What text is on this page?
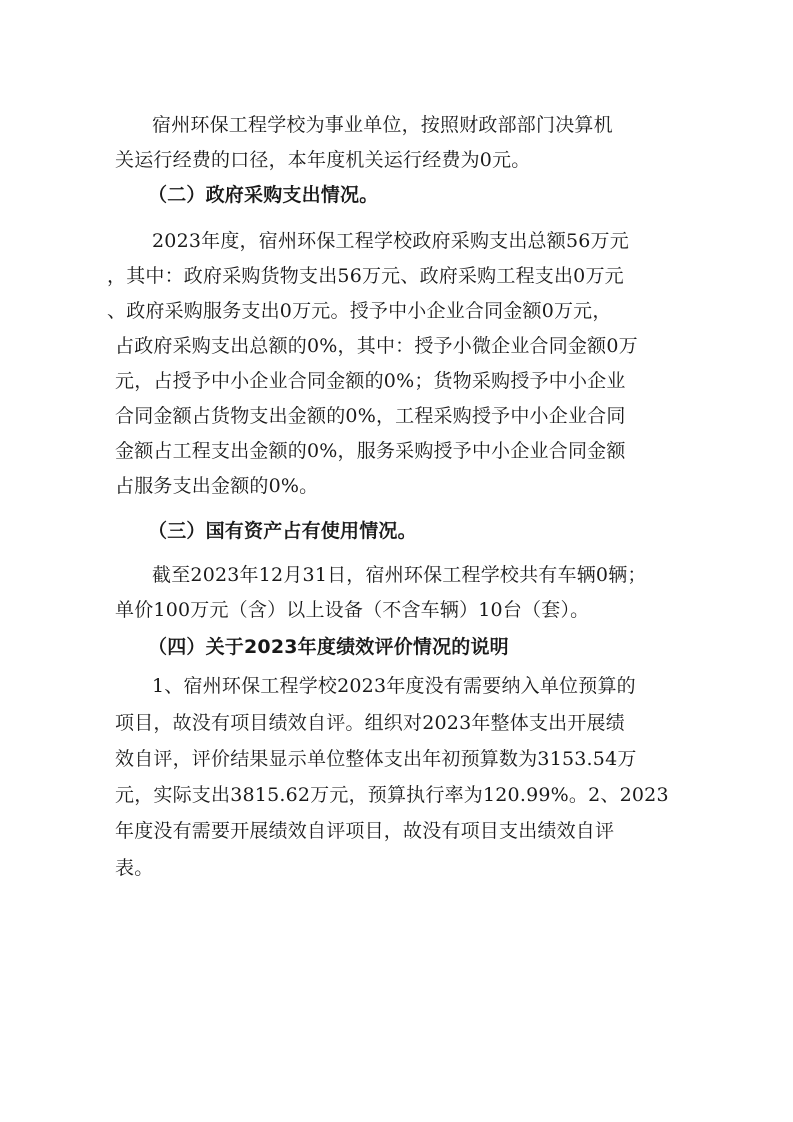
宿州环保工程学校为事业单位，按照财政部部门决算机
关运行经费的口径，本年度机关运行经费为0元。
（二）政府采购支出情况。
2023年度，宿州环保工程学校政府采购支出总额56万元
，其中：政府采购货物支出56万元、政府采购工程支出0万元
、政府采购服务支出0万元。授予中小企业合同金额0万元，
占政府采购支出总额的0%，其中：授予小微企业合同金额0万
元，占授予中小企业合同金额的0%；货物采购授予中小企业
合同金额占货物支出金额的0%，工程采购授予中小企业合同
金额占工程支出金额的0%，服务采购授予中小企业合同金额
占服务支出金额的0%。
（三）国有资产占有使用情况。
截至2023年12月31日，宿州环保工程学校共有车辆0辆；
单价100万元（含）以上设备（不含车辆）10台（套）。
（四）关于2023年度绩效评价情况的说明
1、宿州环保工程学校2023年度没有需要纳入单位预算的
项目，故没有项目绩效自评。组织对2023年整体支出开展绩
效自评，评价结果显示单位整体支出年初预算数为3153.54万
元，实际支出3815.62万元，预算执行率为120.99%。2、2023
年度没有需要开展绩效自评项目，故没有项目支出绩效自评
表。
